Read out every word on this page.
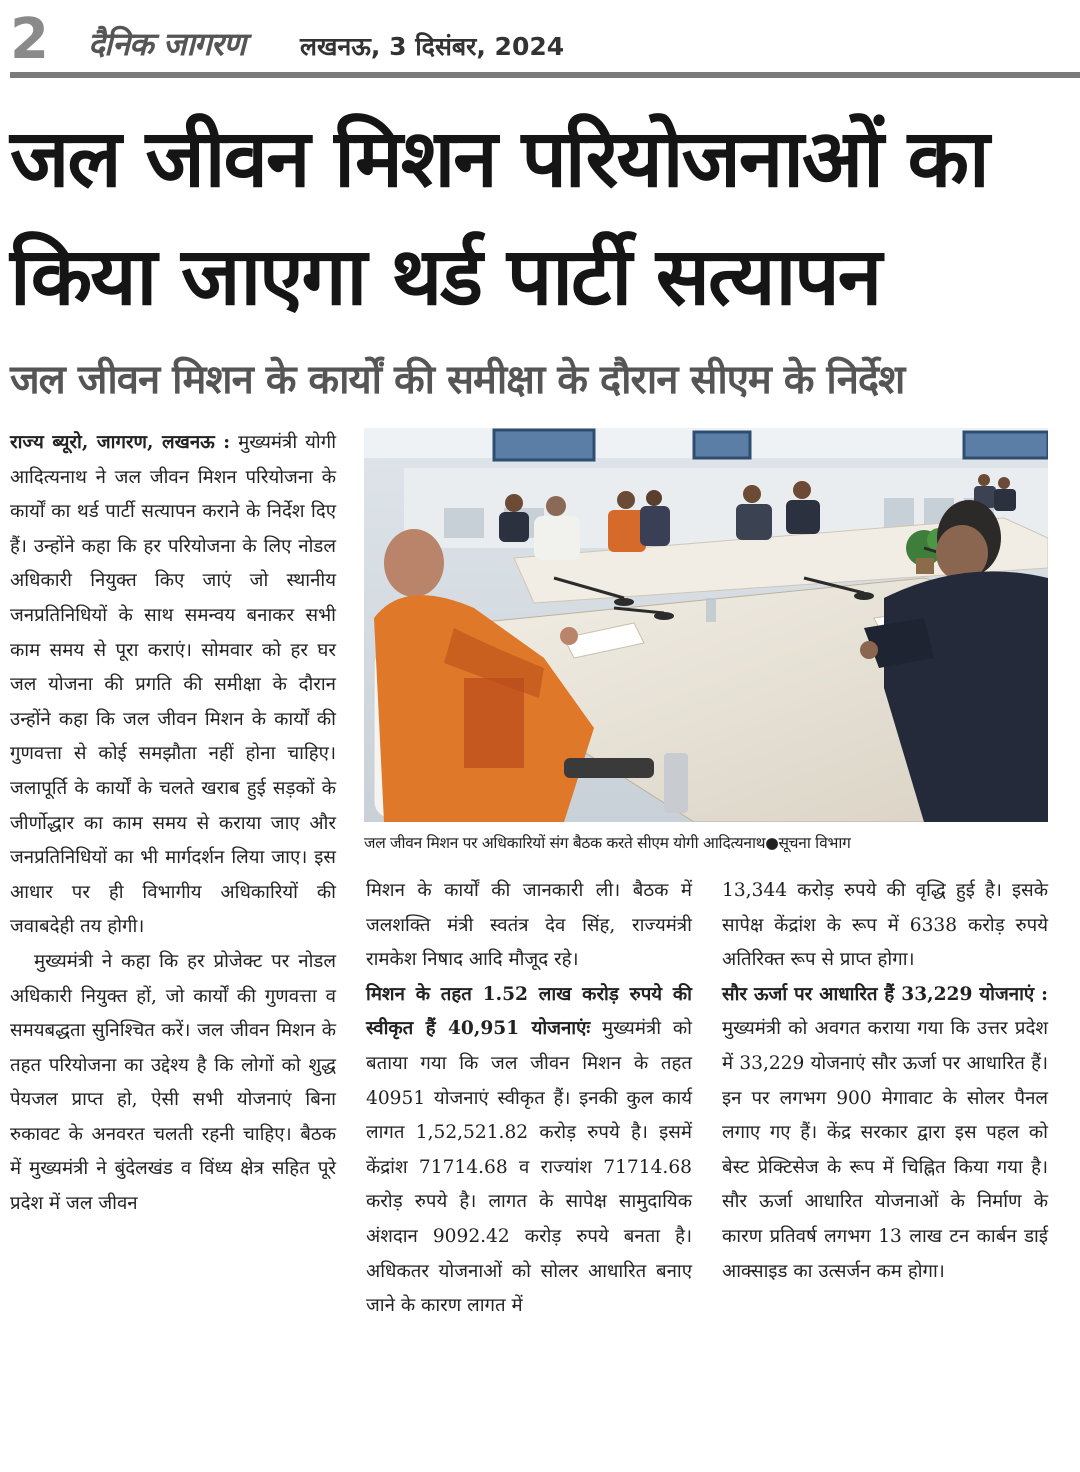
2 दैनिक जागरण लखनऊ, 3 दिसंबर, 2024
जल जीवन मिशन परियोजनाओं का
किया जाएगा थर्ड पार्टी सत्यापन
जल जीवन मिशन के कार्यों की समीक्षा के दौरान सीएम के निर्देश

राज्य ब्यूरो, जागरण, लखनऊ : मुख्यमंत्री योगी आदित्यनाथ ने जल जीवन मिशन परियोजना के कार्यों का थर्ड पार्टी सत्यापन कराने के निर्देश दिए हैं। उन्होंने कहा कि हर परियोजना के लिए नोडल अधिकारी नियुक्त किए जाएं जो स्थानीय जनप्रतिनिधियों के साथ समन्वय बनाकर सभी काम समय से पूरा कराएं। सोमवार को हर घर जल योजना की प्रगति की समीक्षा के दौरान उन्होंने कहा कि जल जीवन मिशन के कार्यों की गुणवत्ता से कोई समझौता नहीं होना चाहिए। जलापूर्ति के कार्यों के चलते खराब हुई सड़कों के जीर्णोद्धार का काम समय से कराया जाए और जनप्रतिनिधियों का भी मार्गदर्शन लिया जाए। इस आधार पर ही विभागीय अधिकारियों की जवाबदेही तय होगी।

मुख्यमंत्री ने कहा कि हर प्रोजेक्ट पर नोडल अधिकारी नियुक्त हों, जो कार्यों की गुणवत्ता व समयबद्धता सुनिश्चित करें। जल जीवन मिशन के तहत परियोजना का उद्देश्य है कि लोगों को शुद्ध पेयजल प्राप्त हो, ऐसी सभी योजनाएं बिना रुकावट के अनवरत चलती रहनी चाहिए। बैठक में मुख्यमंत्री ने बुंदेलखंड व विंध्य क्षेत्र सहित पूरे प्रदेश में जल जीवन

जल जीवन मिशन पर अधिकारियों संग बैठक करते सीएम योगी आदित्यनाथ●सूचना विभाग

मिशन के कार्यों की जानकारी ली। बैठक में जलशक्ति मंत्री स्वतंत्र देव सिंह, राज्यमंत्री रामकेश निषाद आदि मौजूद रहे।

मिशन के तहत 1.52 लाख करोड़ रुपये की स्वीकृत हैं 40,951 योजनाएंः मुख्यमंत्री को बताया गया कि जल जीवन मिशन के तहत 40951 योजनाएं स्वीकृत हैं। इनकी कुल कार्य लागत 1,52,521.82 करोड़ रुपये है। इसमें केंद्रांश 71714.68 व राज्यांश 71714.68 करोड़ रुपये है। लागत के सापेक्ष सामुदायिक अंशदान 9092.42 करोड़ रुपये बनता है। अधिकतर योजनाओं को सोलर आधारित बनाए जाने के कारण लागत में

13,344 करोड़ रुपये की वृद्धि हुई है। इसके सापेक्ष केंद्रांश के रूप में 6338 करोड़ रुपये अतिरिक्त रूप से प्राप्त होगा।

सौर ऊर्जा पर आधारित हैं 33,229 योजनाएं : मुख्यमंत्री को अवगत कराया गया कि उत्तर प्रदेश में 33,229 योजनाएं सौर ऊर्जा पर आधारित हैं। इन पर लगभग 900 मेगावाट के सोलर पैनल लगाए गए हैं। केंद्र सरकार द्वारा इस पहल को बेस्ट प्रेक्टिसेज के रूप में चिह्नित किया गया है। सौर ऊर्जा आधारित योजनाओं के निर्माण के कारण प्रतिवर्ष लगभग 13 लाख टन कार्बन डाई आक्साइड का उत्सर्जन कम होगा।
